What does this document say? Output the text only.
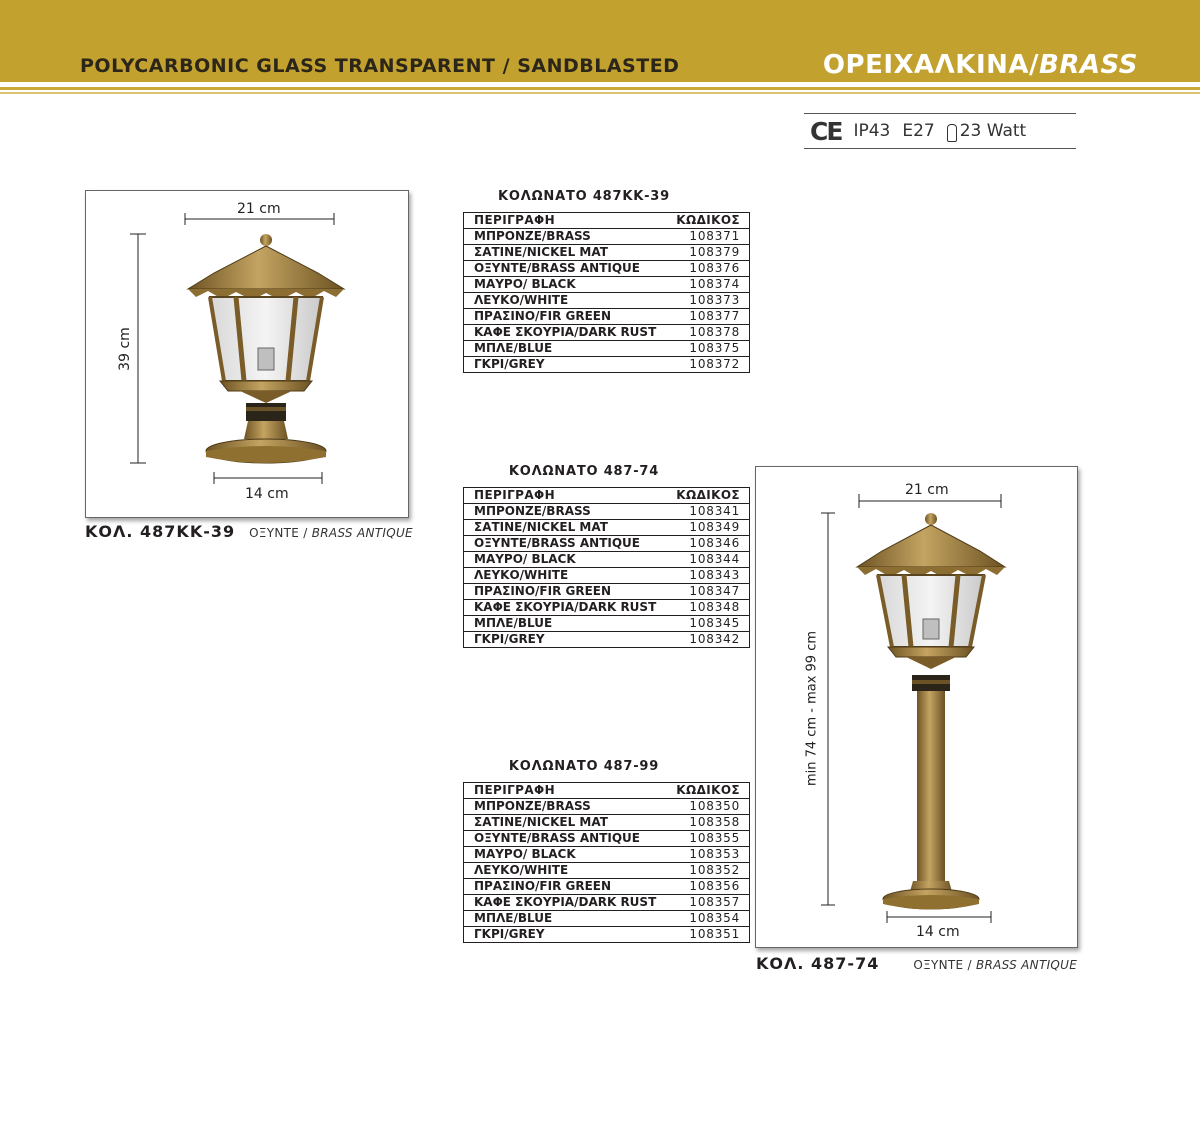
POLYCARBONIC GLASS TRANSPARENT / SANDBLASTED	ΟΡΕΙΧΑΛΚΙΝΑ/BRASS
CE IP43 E27 23 Watt
21 cm
39 cm
14 cm
ΚΟΛ. 487ΚΚ-39 ΟΞΥΝΤΕ / BRASS ANTIQUE
21 cm
min 74 cm - max 99 cm
14 cm
ΚΟΛ. 487-74	ΟΞΥΝΤΕ / BRASS ANTIQUE
ΚΟΛΩΝΑΤΟ 487ΚΚ-39
ΠΕΡΙΓΡΑΦΗ	ΚΩΔΙΚΟΣ
ΜΠΡΟΝΖΕ/BRASS	108371
ΣΑΤΙΝΕ/NICKEL MAT	108379
ΟΞΥΝΤΕ/BRASS ANTIQUE	108376
ΜΑΥΡΟ/ BLACK	108374
ΛΕΥΚΟ/WHITE	108373
ΠΡΑΣΙΝΟ/FIR GREEN	108377
ΚΑΦΕ ΣΚΟΥΡΙΑ/DARK RUST	108378
ΜΠΛΕ/BLUE	108375
ΓΚΡΙ/GREY	108372
ΚΟΛΩΝΑΤΟ 487-74
ΠΕΡΙΓΡΑΦΗ	ΚΩΔΙΚΟΣ
ΜΠΡΟΝΖΕ/BRASS	108341
ΣΑΤΙΝΕ/NICKEL MAT	108349
ΟΞΥΝΤΕ/BRASS ANTIQUE	108346
ΜΑΥΡΟ/ BLACK	108344
ΛΕΥΚΟ/WHITE	108343
ΠΡΑΣΙΝΟ/FIR GREEN	108347
ΚΑΦΕ ΣΚΟΥΡΙΑ/DARK RUST	108348
ΜΠΛΕ/BLUE	108345
ΓΚΡΙ/GREY	108342
ΚΟΛΩΝΑΤΟ 487-99
ΠΕΡΙΓΡΑΦΗ	ΚΩΔΙΚΟΣ
ΜΠΡΟΝΖΕ/BRASS	108350
ΣΑΤΙΝΕ/NICKEL MAT	108358
ΟΞΥΝΤΕ/BRASS ANTIQUE	108355
ΜΑΥΡΟ/ BLACK	108353
ΛΕΥΚΟ/WHITE	108352
ΠΡΑΣΙΝΟ/FIR GREEN	108356
ΚΑΦΕ ΣΚΟΥΡΙΑ/DARK RUST	108357
ΜΠΛΕ/BLUE	108354
ΓΚΡΙ/GREY	108351
